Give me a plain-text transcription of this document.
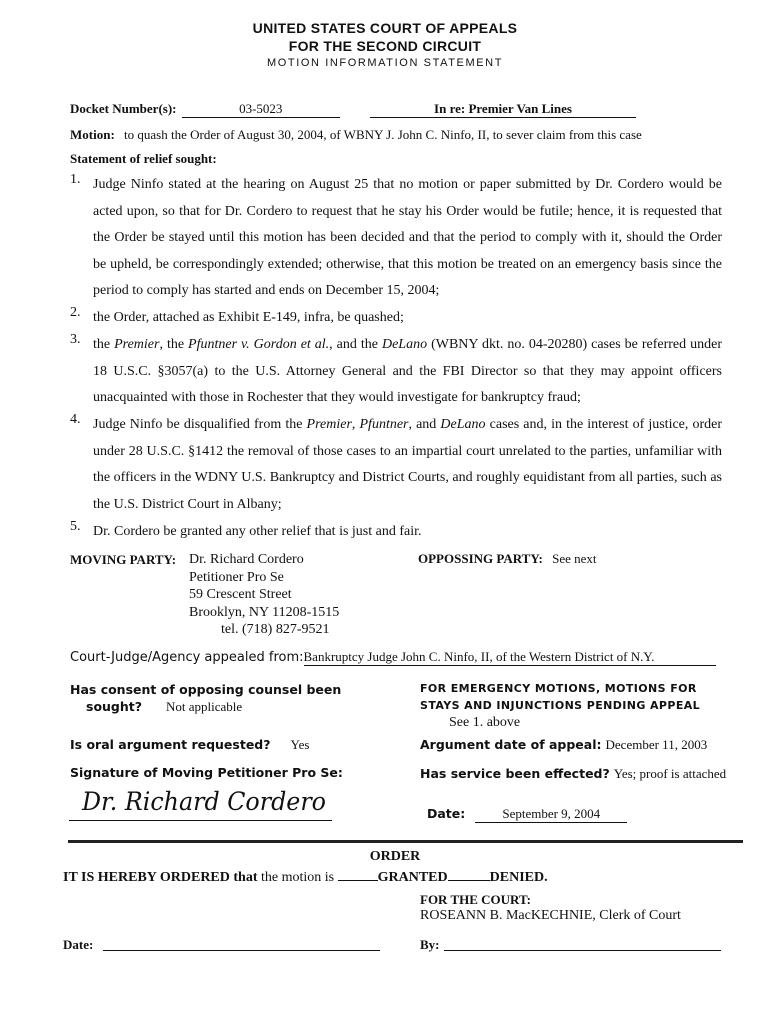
UNITED STATES COURT OF APPEALS
FOR THE SECOND CIRCUIT
MOTION INFORMATION STATEMENT
Docket Number(s):	03-5023	In re: Premier Van Lines
Motion: to quash the Order of August 30, 2004, of WBNY J. John C. Ninfo, II, to sever claim from this case
Statement of relief sought:
1. Judge Ninfo stated at the hearing on August 25 that no motion or paper submitted by Dr. Cordero would be acted upon, so that for Dr. Cordero to request that he stay his Order would be futile; hence, it is requested that the Order be stayed until this motion has been decided and that the period to comply with it, should the Order be upheld, be correspondingly extended; otherwise, that this motion be treated on an emergency basis since the period to comply has started and ends on December 15, 2004;
2. the Order, attached as Exhibit E-149, infra, be quashed;
3. the Premier, the Pfuntner v. Gordon et al., and the DeLano (WBNY dkt. no. 04-20280) cases be referred under 18 U.S.C. §3057(a) to the U.S. Attorney General and the FBI Director so that they may appoint officers unacquainted with those in Rochester that they would investigate for bankruptcy fraud;
4. Judge Ninfo be disqualified from the Premier, Pfuntner, and DeLano cases and, in the interest of justice, order under 28 U.S.C. §1412 the removal of those cases to an impartial court unrelated to the parties, unfamiliar with the officers in the WDNY U.S. Bankruptcy and District Courts, and roughly equidistant from all parties, such as the U.S. District Court in Albany;
5. Dr. Cordero be granted any other relief that is just and fair.
MOVING PARTY: Dr. Richard Cordero
Petitioner Pro Se
59 Crescent Street
Brooklyn, NY 11208-1515
tel. (718) 827-9521
OPPOSSING PARTY: See next
Court-Judge/Agency appealed from:Bankruptcy Judge John C. Ninfo, II, of the Western District of N.Y.
Has consent of opposing counsel been
sought? Not applicable
FOR EMERGENCY MOTIONS, MOTIONS FOR
STAYS AND INJUNCTIONS PENDING APPEAL
See 1. above
Is oral argument requested? Yes	Argument date of appeal: December 11, 2003
Signature of Moving Petitioner Pro Se:	Has service been effected? Yes; proof is attached
Dr. Richard Cordero	Date:	September 9, 2004
ORDER
IT IS HEREBY ORDERED that the motion is	GRANTED	DENIED.
FOR THE COURT:
ROSEANN B. MacKECHNIE, Clerk of Court
Date:	By:
